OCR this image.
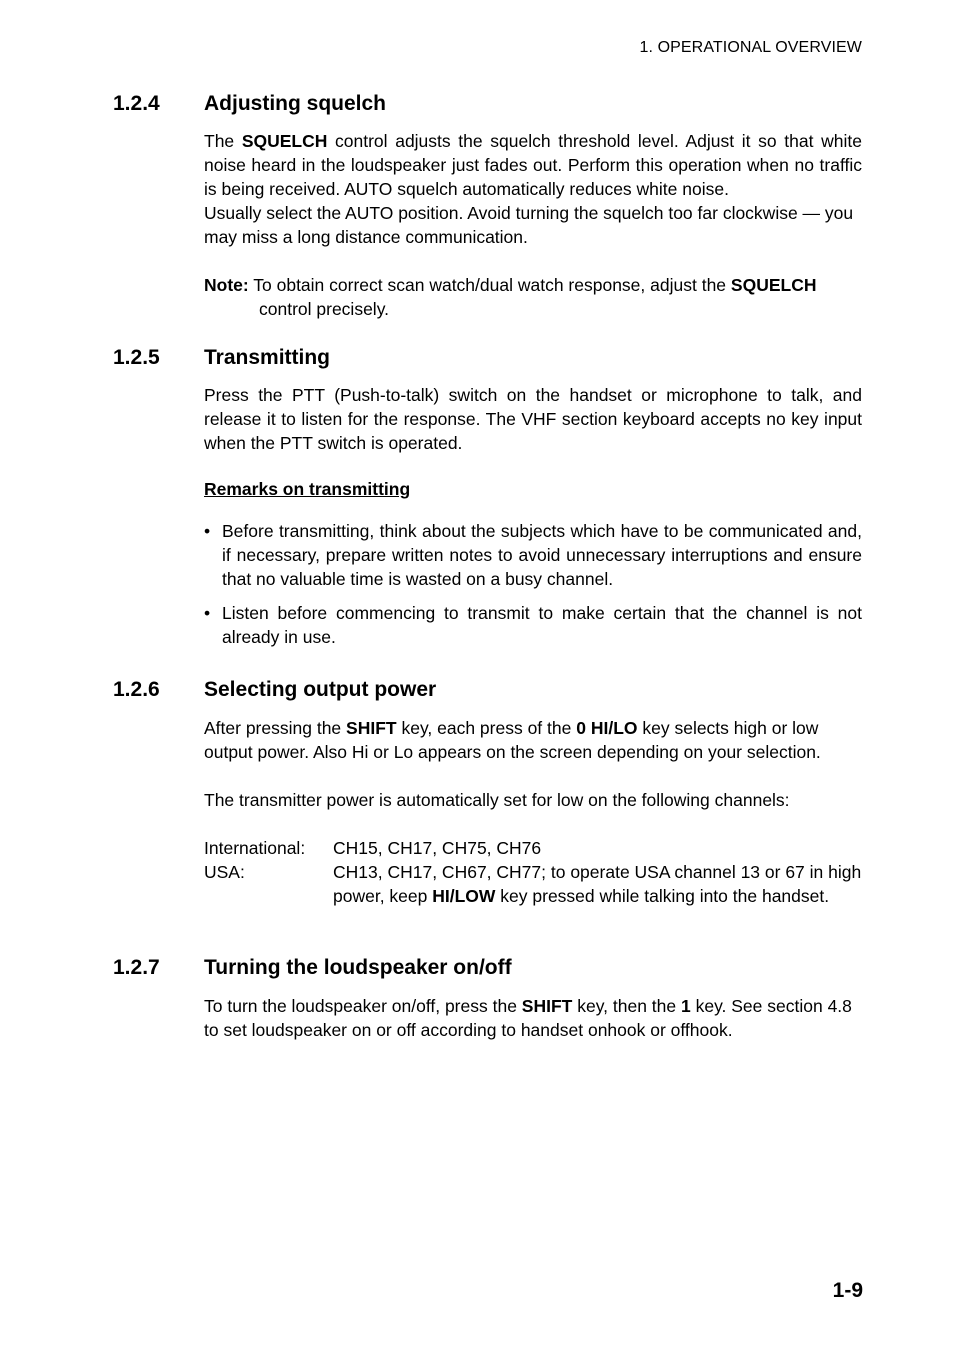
1. OPERATIONAL OVERVIEW
1.2.4 Adjusting squelch

The SQUELCH control adjusts the squelch threshold level. Adjust it so that white noise heard in the loudspeaker just fades out. Perform this operation when no traffic is being received. AUTO squelch automatically reduces white noise.

Usually select the AUTO position. Avoid turning the squelch too far clockwise — you may miss a long distance communication.

Note: To obtain correct scan watch/dual watch response, adjust the SQUELCH
control precisely.
1.2.5 Transmitting

Press the PTT (Push-to-talk) switch on the handset or microphone to talk, and release it to listen for the response. The VHF section keyboard accepts no key input when the PTT switch is operated.

Remarks on transmitting
• Before transmitting, think about the subjects which have to be communicated and, if necessary, prepare written notes to avoid unnecessary interruptions and ensure that no valuable time is wasted on a busy channel.
• Listen before commencing to transmit to make certain that the channel is not already in use.
1.2.6 Selecting output power

After pressing the SHIFT key, each press of the 0 HI/LO key selects high or low output power. Also Hi or Lo appears on the screen depending on your selection.

The transmitter power is automatically set for low on the following channels:

International: CH15, CH17, CH75, CH76
USA:	CH13, CH17, CH67, CH77; to operate USA channel 13 or 67 in high power, keep HI/LOW key pressed while talking into the handset.
1.2.7 Turning the loudspeaker on/off

To turn the loudspeaker on/off, press the SHIFT key, then the 1 key. See section 4.8 to set loudspeaker on or off according to handset onhook or offhook.

1-9
